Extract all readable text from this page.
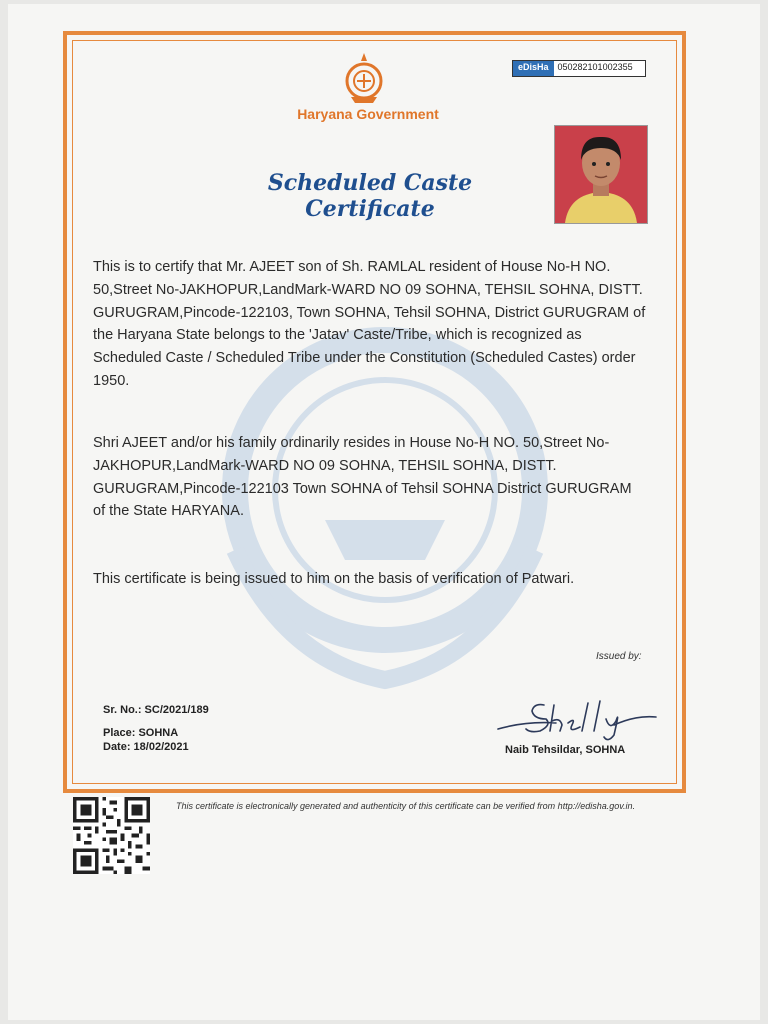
Haryana Government
eDisHa	050282101002355
Scheduled Caste Certificate

This is to certify that Mr. AJEET son of Sh. RAMLAL resident of House No-H NO. 50,Street No-JAKHOPUR,LandMark-WARD NO 09 SOHNA, TEHSIL SOHNA, DISTT. GURUGRAM,Pincode-122103, Town SOHNA, Tehsil SOHNA, District GURUGRAM of the Haryana State belongs to the 'Jatav' Caste/Tribe, which is recognized as Scheduled Caste / Scheduled Tribe under the Constitution (Scheduled Castes) order 1950.

Shri AJEET and/or his family ordinarily resides in House No-H NO. 50,Street No-JAKHOPUR,LandMark-WARD NO 09 SOHNA, TEHSIL SOHNA, DISTT. GURUGRAM,Pincode-122103 Town SOHNA of Tehsil SOHNA District GURUGRAM of the State HARYANA.

This certificate is being issued to him on the basis of verification of Patwari.

Issued by:
Sr. No.: SC/2021/189
Place: SOHNA
Date: 18/02/2021	Naib Tehsildar, SOHNA
This certificate is electronically generated and authenticity of this certificate can be verified from http://edisha.gov.in.
